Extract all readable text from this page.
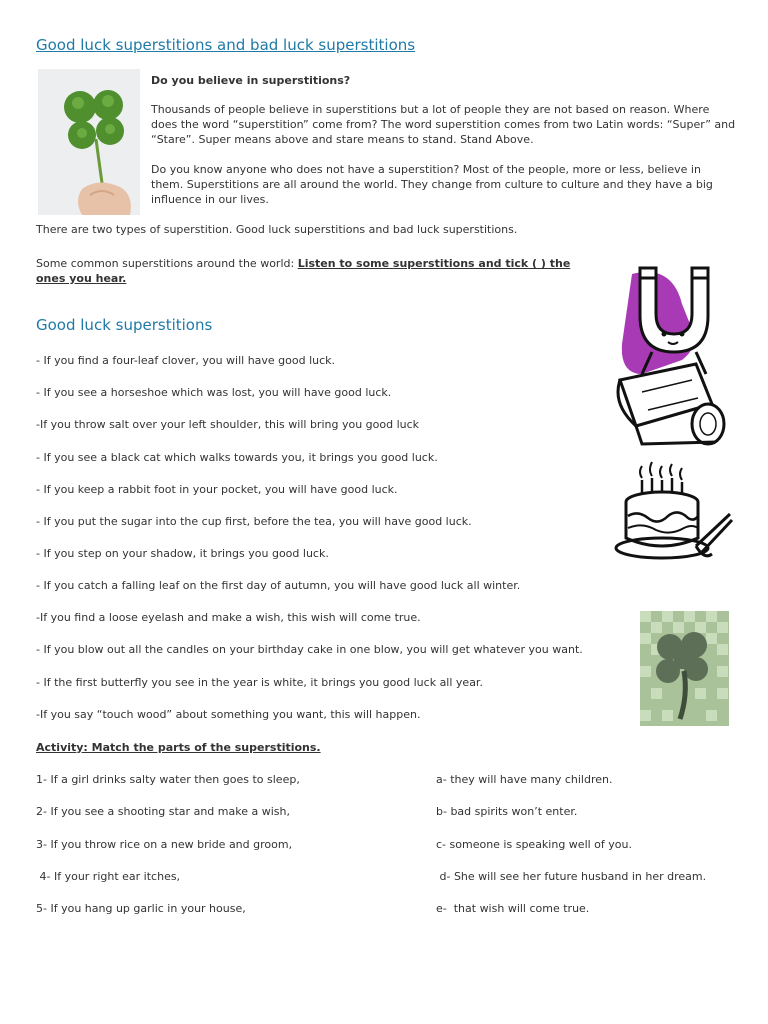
Good luck superstitions and bad luck superstitions
Do you believe in superstitions?
Thousands of people believe in superstitions but a lot of people they are not based on reason. Where does the word “superstition” come from? The word superstition comes from two Latin words: “Super” and “Stare”. Super means above and stare means to stand. Stand Above.
Do you know anyone who does not have a superstition? Most of the people, more or less, believe in them. Superstitions are all around the world. They change from culture to culture and they have a big influence in our lives.
There are two types of superstition. Good luck superstitions and bad luck superstitions.
Some common superstitions around the world: Listen to some superstitions and tick ( ) the
ones you hear.
Good luck superstitions
- If you find a four-leaf clover, you will have good luck.
- If you see a horseshoe which was lost, you will have good luck.
-If you throw salt over your left shoulder, this will bring you good luck
- If you see a black cat which walks towards you, it brings you good luck.
- If you keep a rabbit foot in your pocket, you will have good luck.
- If you put the sugar into the cup first, before the tea, you will have good luck.
- If you step on your shadow, it brings you good luck.
- If you catch a falling leaf on the first day of autumn, you will have good luck all winter.
-If you find a loose eyelash and make a wish, this wish will come true.
- If you blow out all the candles on your birthday cake in one blow, you will get whatever you want.
- If the first butterfly you see in the year is white, it brings you good luck all year.
-If you say “touch wood” about something you want, this will happen.
Activity: Match the parts of the superstitions.
1- If a girl drinks salty water then goes to sleep,
2- If you see a shooting star and make a wish,
3- If you throw rice on a new bride and groom,
4- If your right ear itches,
5- If you hang up garlic in your house,
a- they will have many children.
b- bad spirits won’t enter.
c- someone is speaking well of you.
d- She will see her future husband in her dream.
e-  that wish will come true.
